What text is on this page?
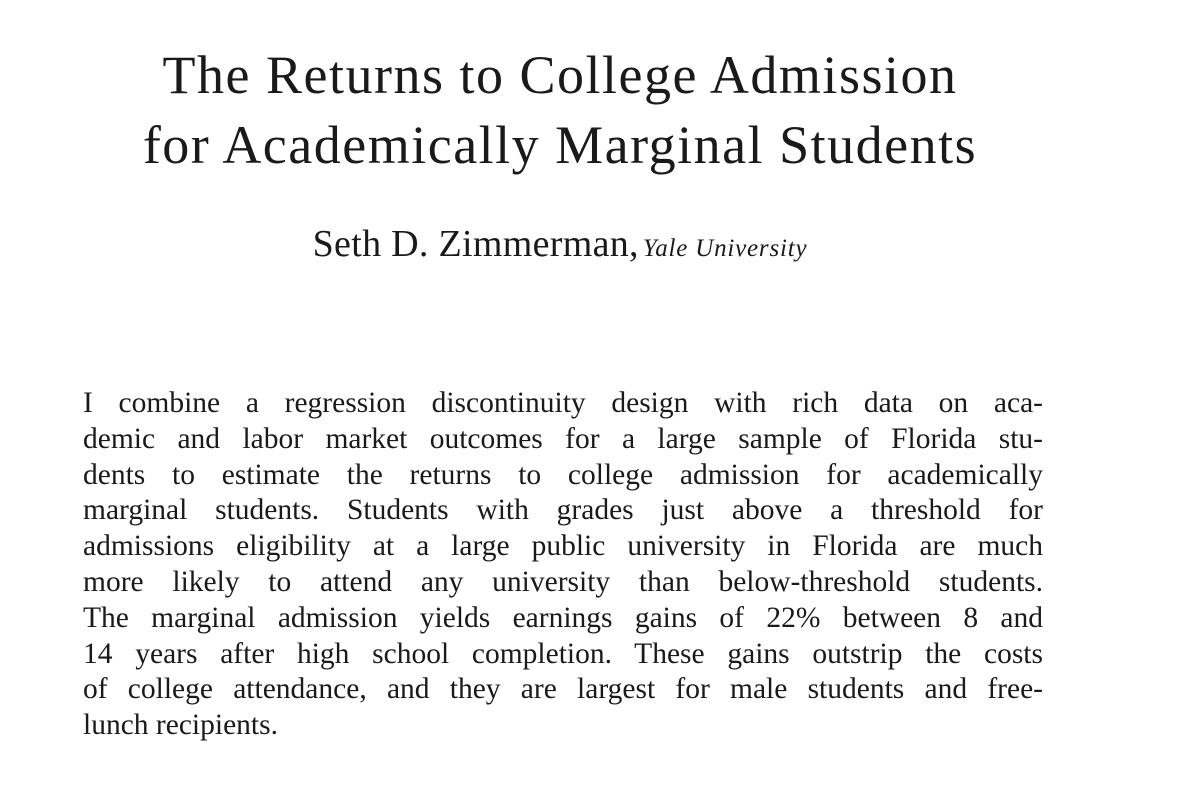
The Returns to College Admission
for Academically Marginal Students
Seth D. Zimmerman, Yale University
I combine a regression discontinuity design with rich data on aca-
demic and labor market outcomes for a large sample of Florida stu-
dents to estimate the returns to college admission for academically
marginal students. Students with grades just above a threshold for
admissions eligibility at a large public university in Florida are much
more likely to attend any university than below-threshold students.
The marginal admission yields earnings gains of 22% between 8 and
14 years after high school completion. These gains outstrip the costs
of college attendance, and they are largest for male students and free-
lunch recipients.
